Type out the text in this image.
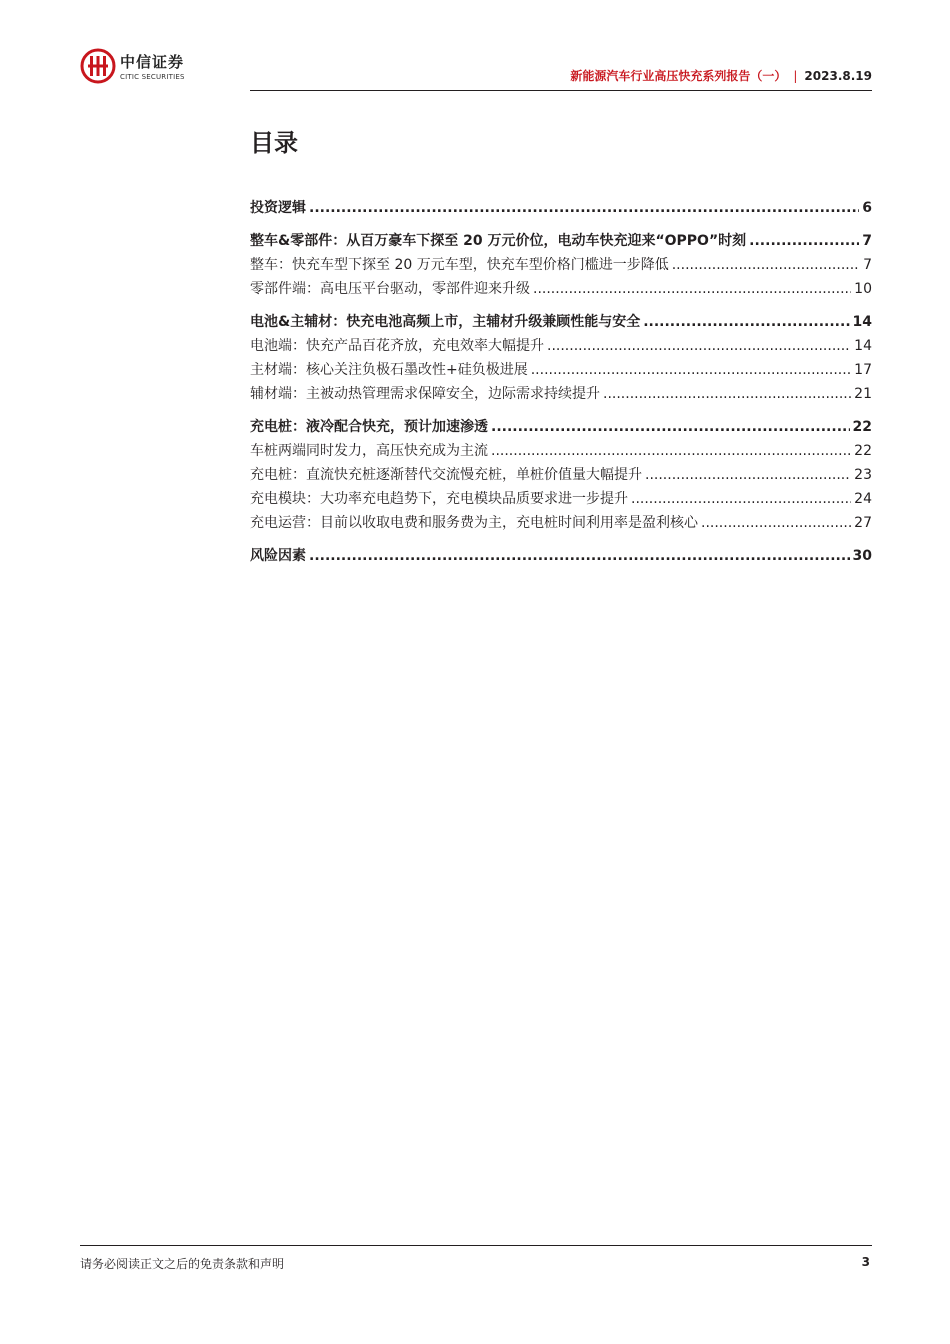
中信证券
CITIC SECURITIES	新能源汽车行业高压快充系列报告（一） | 2023.8.19
目录
投资逻辑 .....	6
整车&零部件：从百万豪车下探至 20 万元价位，电动车快充迎来“OPPO”时刻 .....	7
整车：快充车型下探至 20 万元车型，快充车型价格门槛进一步降低 .....	7
零部件端：高电压平台驱动，零部件迎来升级 .....	10
电池&主辅材：快充电池高频上市，主辅材升级兼顾性能与安全 .....	14
电池端：快充产品百花齐放，充电效率大幅提升 .....	14
主材端：核心关注负极石墨改性+硅负极进展 .....	17
辅材端：主被动热管理需求保障安全，边际需求持续提升 .....	21
充电桩：液冷配合快充，预计加速渗透 .....	22
车桩两端同时发力，高压快充成为主流 .....	22
充电桩：直流快充桩逐渐替代交流慢充桩，单桩价值量大幅提升 .....	23
充电模块：大功率充电趋势下，充电模块品质要求进一步提升 .....	24
充电运营：目前以收取电费和服务费为主，充电桩时间利用率是盈利核心 .....	27
风险因素 .....	30
请务必阅读正文之后的免责条款和声明	3
